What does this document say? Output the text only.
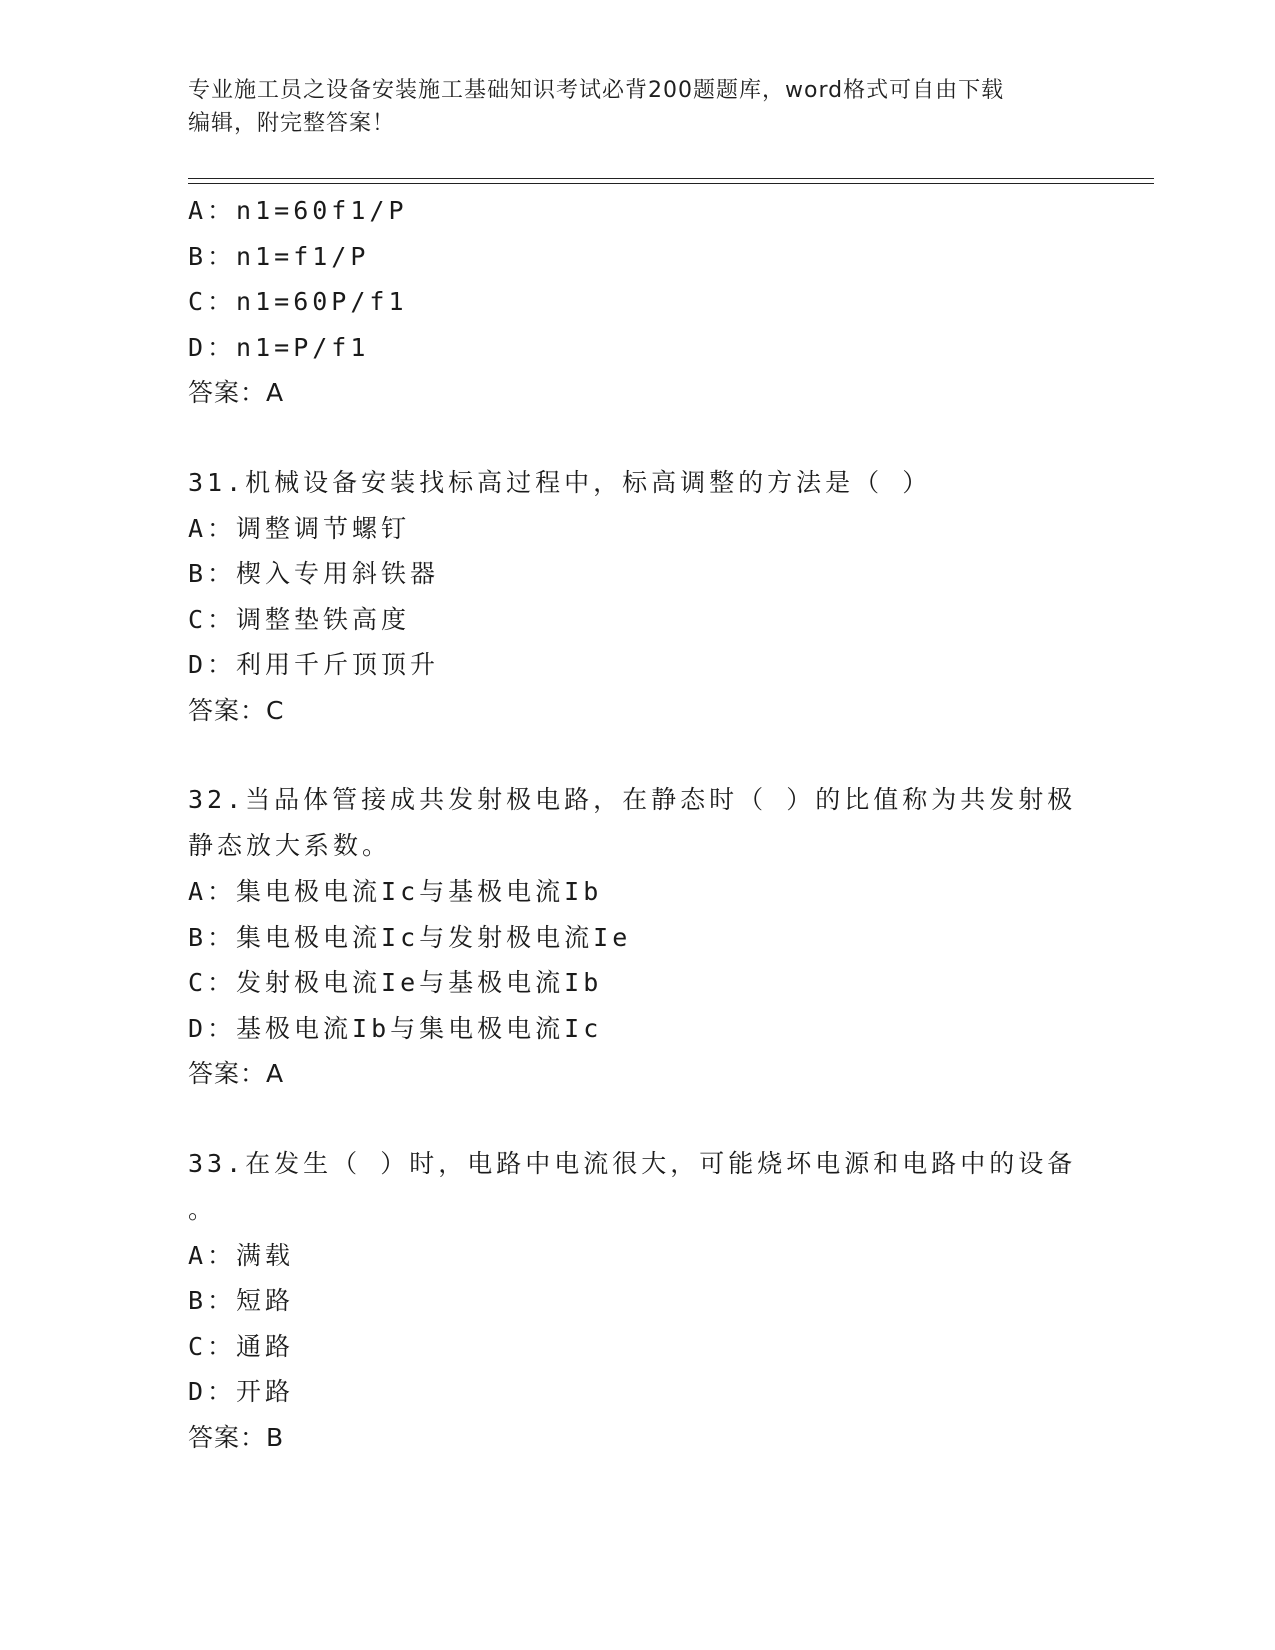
专业施工员之设备安装施工基础知识考试必背200题题库，word格式可自由下载
编辑，附完整答案！
A：n1=60f1/P
B：n1=f1/P
C：n1=60P/f1
D：n1=P/f1
答案：A
31.机械设备安装找标高过程中，标高调整的方法是（ ）
A：调整调节螺钉
B：楔入专用斜铁器
C：调整垫铁高度
D：利用千斤顶顶升
答案：C
32.当品体管接成共发射极电路，在静态时（ ）的比值称为共发射极
静态放大系数。
A：集电极电流Ic与基极电流Ib
B：集电极电流Ic与发射极电流Ie
C：发射极电流Ie与基极电流Ib
D：基极电流Ib与集电极电流Ic
答案：A
33.在发生（ ）时，电路中电流很大，可能烧坏电源和电路中的设备
。
A：满载
B：短路
C：通路
D：开路
答案：B
